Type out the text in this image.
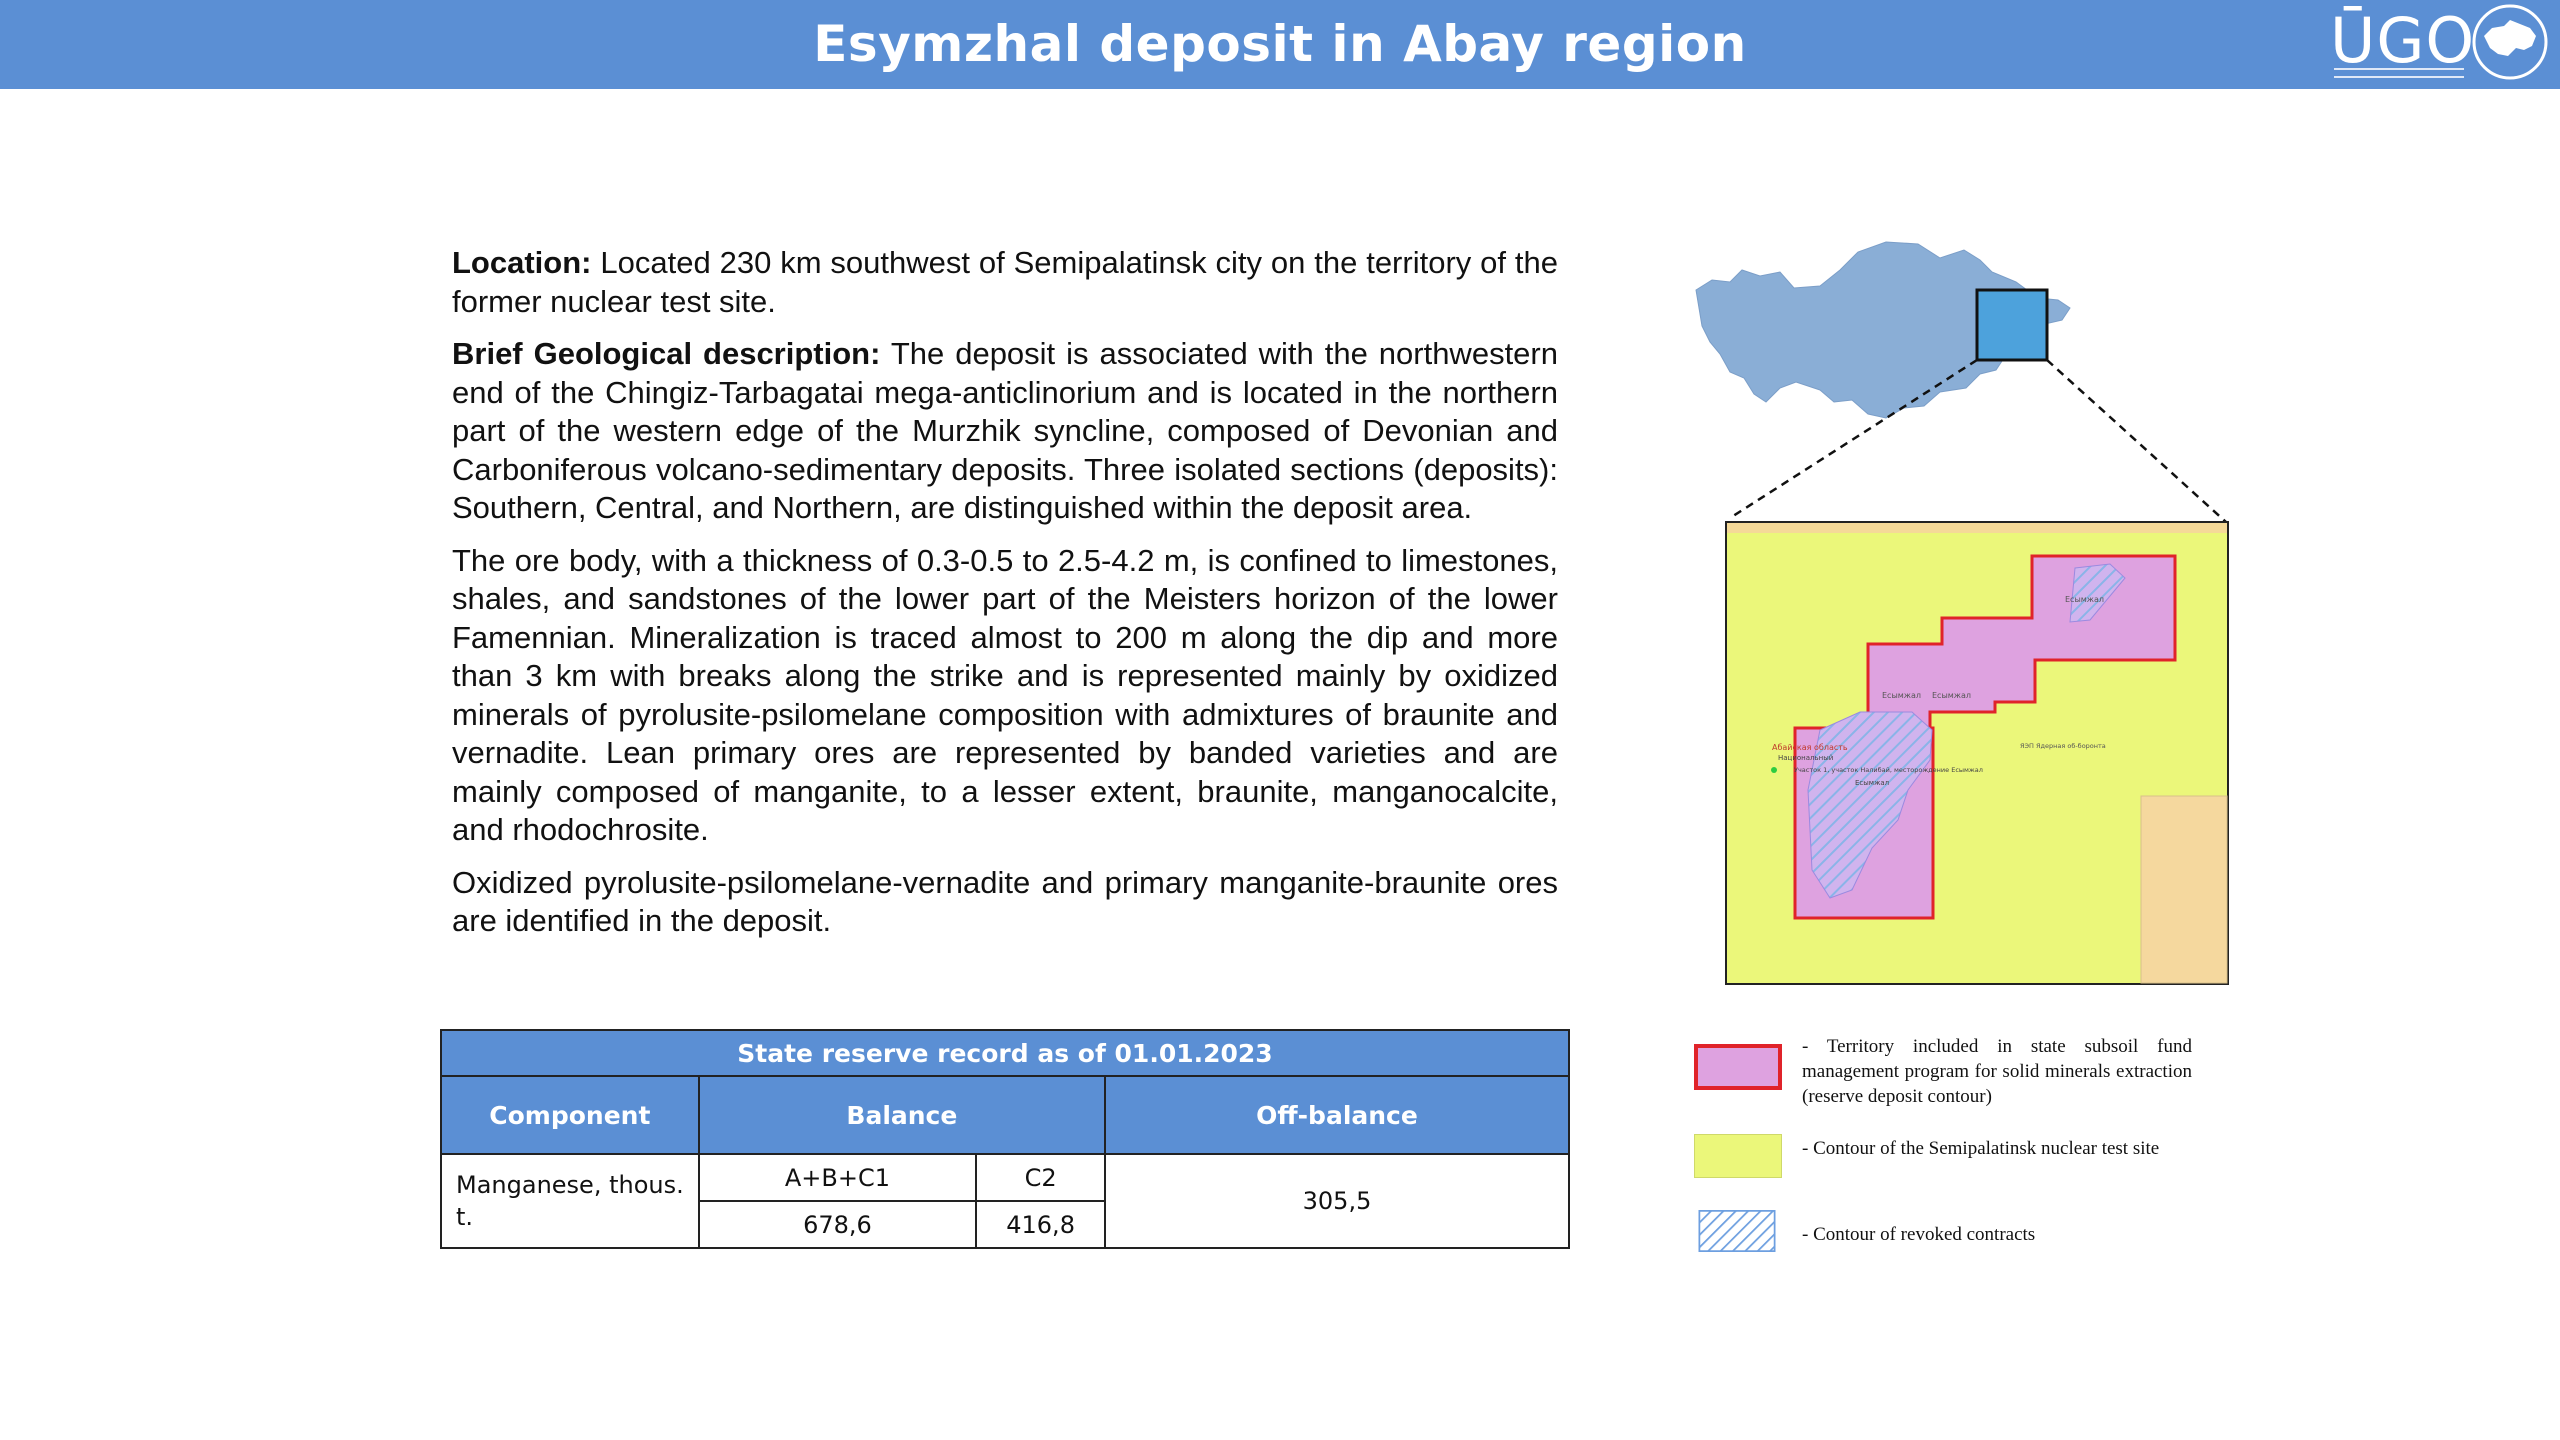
Esymzhal deposit in Abay region	ŪGO

Location: Located 230 km southwest of Semipalatinsk city on the territory of the former nuclear test site.

Brief Geological description: The deposit is associated with the northwestern end of the Chingiz-Tarbagatai mega-anticlinorium and is located in the northern part of the western edge of the Murzhik syncline, composed of Devonian and Carboniferous volcano-sedimentary deposits. Three isolated sections (deposits): Southern, Central, and Northern, are distinguished within the deposit area.

The ore body, with a thickness of 0.3-0.5 to 2.5-4.2 m, is confined to limestones, shales, and sandstones of the lower part of the Meisters horizon of the lower Famennian. Mineralization is traced almost to 200 m along the dip and more than 3 km with breaks along the strike and is represented mainly by oxidized minerals of pyrolusite-psilomelane composition with admixtures of braunite and vernadite. Lean primary ores are represented by banded varieties and are mainly composed of manganite, to a lesser extent, braunite, manganocalcite, and rhodochrosite.

Oxidized pyrolusite-psilomelane-vernadite and primary manganite-braunite ores are identified in the deposit.

State reserve record as of 01.01.2023			
Component	Balance		Off-balance
Manganese, thous. t.	A+B+C1	C2	305,5
	678,6	416,8	
Есымжал
Есымжал Есымжал
Абайская область
Национальный
Участок 1, участок Налибай, месторождение Есымжал
Есымжал
ЯЭП Ядерная об-боронта
- Territory included in state subsoil fund management program for solid minerals extraction (reserve deposit contour)
- Contour of the Semipalatinsk nuclear test site
- Contour of revoked contracts
